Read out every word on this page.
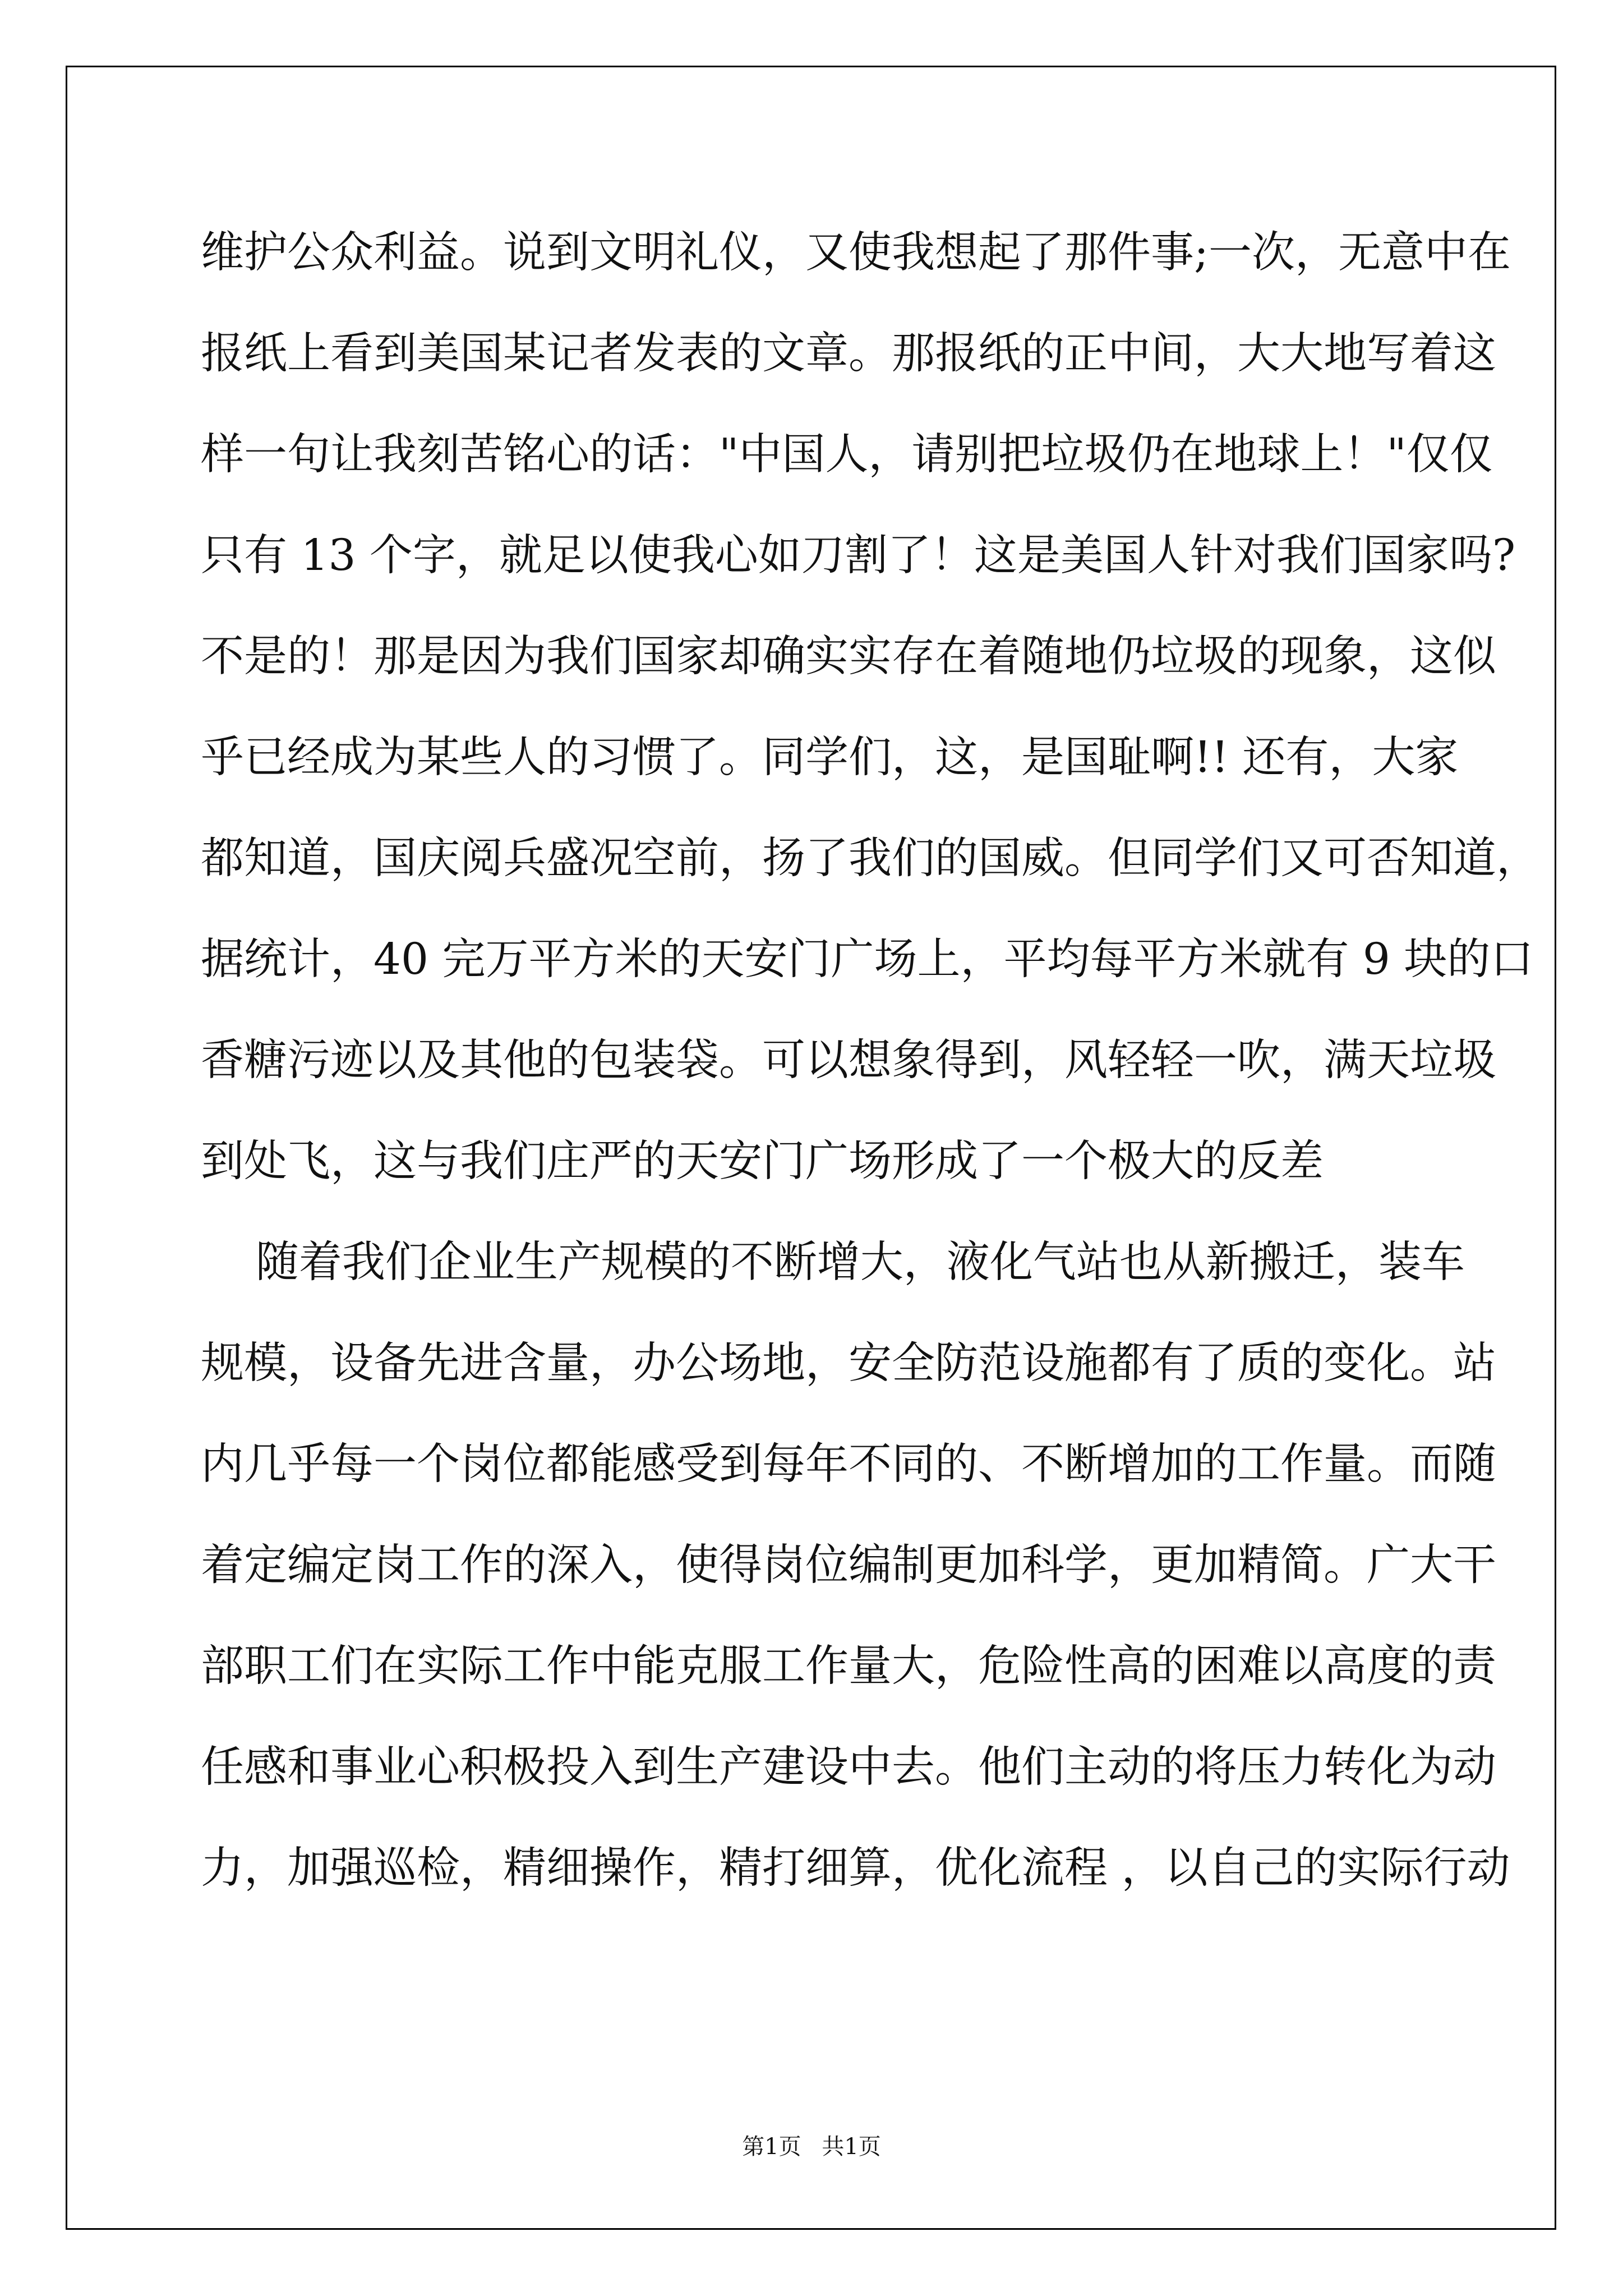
维护公众利益。说到文明礼仪，又使我想起了那件事;一次，无意中在
报纸上看到美国某记者发表的文章。那报纸的正中间，大大地写着这
样一句让我刻苦铭心的话："中国人，请别把垃圾仍在地球上！"仅仅
只有 13 个字，就足以使我心如刀割了！这是美国人针对我们国家吗?
不是的！那是因为我们国家却确实实存在着随地仍垃圾的现象，这似
乎已经成为某些人的习惯了。同学们，这，是国耻啊!! 还有，大家
都知道，国庆阅兵盛况空前，扬了我们的国威。但同学们又可否知道，
据统计，40 完万平方米的天安门广场上，平均每平方米就有 9 块的口
香糖污迹以及其他的包装袋。可以想象得到，风轻轻一吹，满天垃圾
到处飞，这与我们庄严的天安门广场形成了一个极大的反差
随着我们企业生产规模的不断增大，液化气站也从新搬迁，装车
规模，设备先进含量，办公场地，安全防范设施都有了质的变化。站
内几乎每一个岗位都能感受到每年不同的、不断增加的工作量。而随
着定编定岗工作的深入，使得岗位编制更加科学，更加精简。广大干
部职工们在实际工作中能克服工作量大，危险性高的困难以高度的责
任感和事业心积极投入到生产建设中去。他们主动的将压力转化为动
力，加强巡检，精细操作，精打细算，优化流程 ，以自己的实际行动
第1页 共1页
